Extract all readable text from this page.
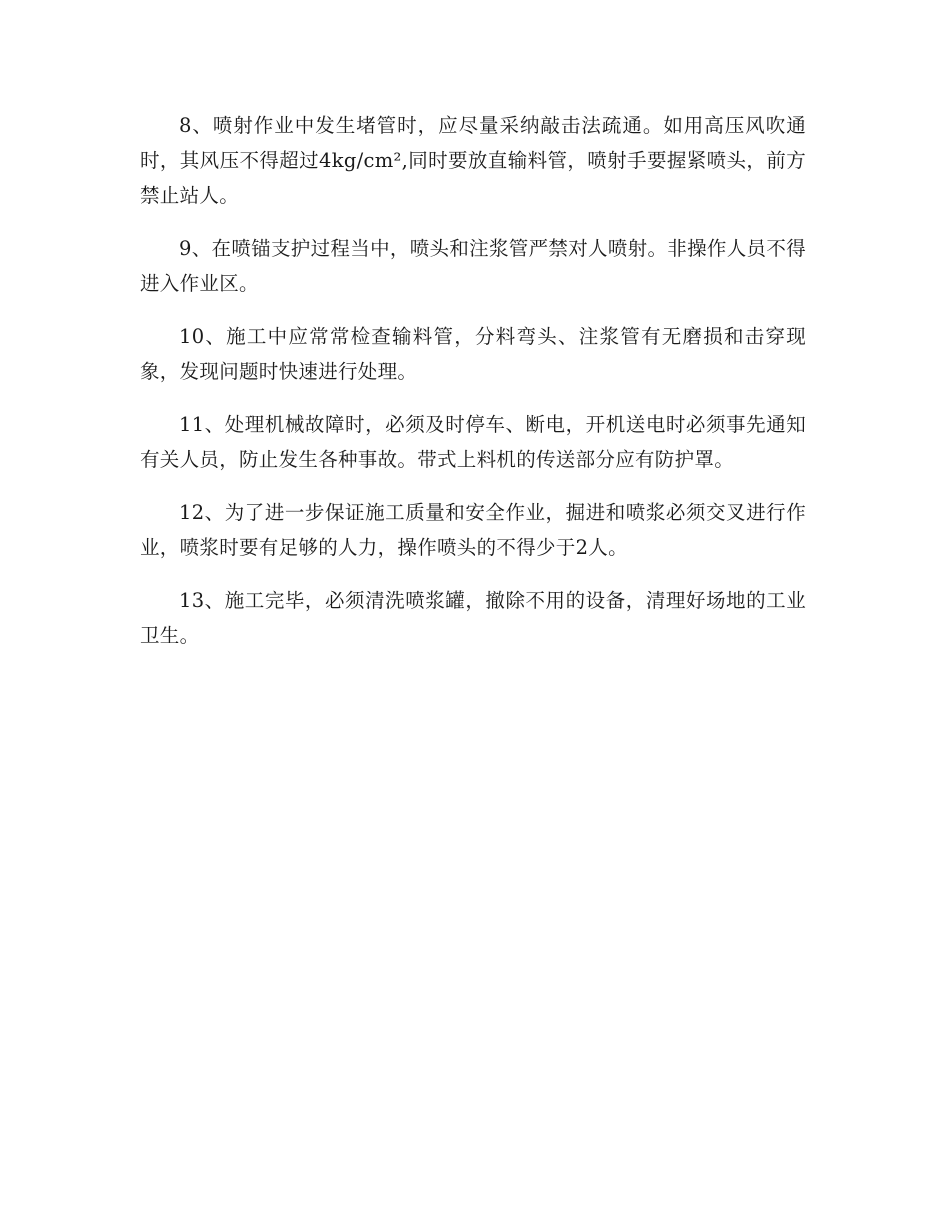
8、喷射作业中发生堵管时，应尽量采纳敲击法疏通。如用高压风吹通时，其风压不得超过4kg/cm²,同时要放直输料管，喷射手要握紧喷头，前方禁止站人。

9、在喷锚支护过程当中，喷头和注浆管严禁对人喷射。非操作人员不得进入作业区。

10、施工中应常常检查输料管，分料弯头、注浆管有无磨损和击穿现象，发现问题时快速进行处理。

11、处理机械故障时，必须及时停车、断电，开机送电时必须事先通知有关人员，防止发生各种事故。带式上料机的传送部分应有防护罩。

12、为了进一步保证施工质量和安全作业，掘进和喷浆必须交叉进行作业，喷浆时要有足够的人力，操作喷头的不得少于2人。

13、施工完毕，必须清洗喷浆罐，撤除不用的设备，清理好场地的工业卫生。
